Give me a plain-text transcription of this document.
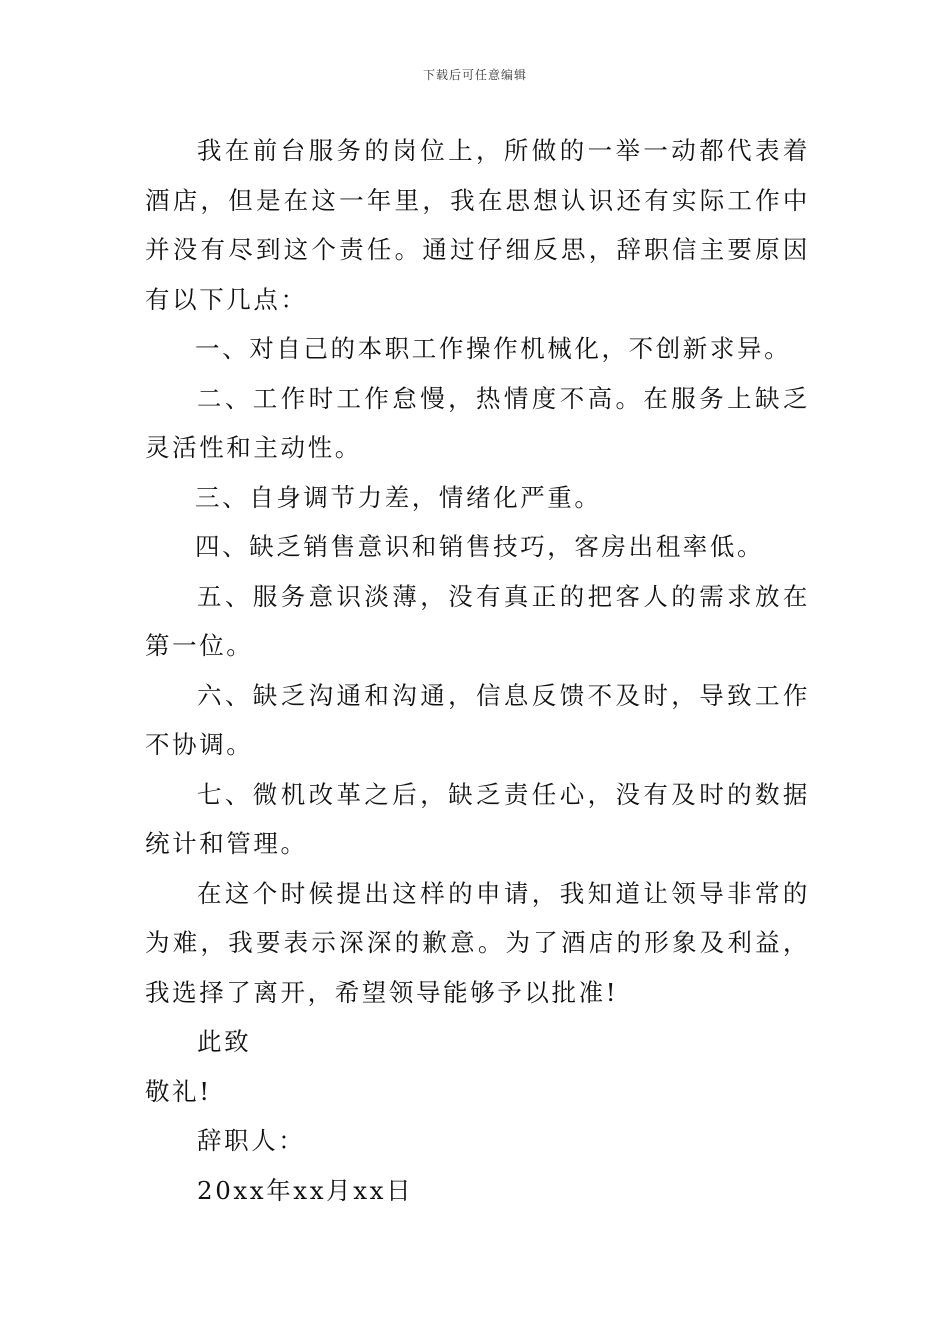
下载后可任意编辑

我在前台服务的岗位上，所做的一举一动都代表着酒店，但是在这一年里，我在思想认识还有实际工作中并没有尽到这个责任。通过仔细反思，辞职信主要原因有以下几点：

一、对自己的本职工作操作机械化，不创新求异。

二、工作时工作怠慢，热情度不高。在服务上缺乏灵活性和主动性。

三、自身调节力差，情绪化严重。

四、缺乏销售意识和销售技巧，客房出租率低。

五、服务意识淡薄，没有真正的把客人的需求放在第一位。

六、缺乏沟通和沟通，信息反馈不及时，导致工作不协调。

七、微机改革之后，缺乏责任心，没有及时的数据统计和管理。

在这个时候提出这样的申请，我知道让领导非常的为难，我要表示深深的歉意。为了酒店的形象及利益，我选择了离开，希望领导能够予以批准!

此致

敬礼!

辞职人：

20xx年xx月xx日
